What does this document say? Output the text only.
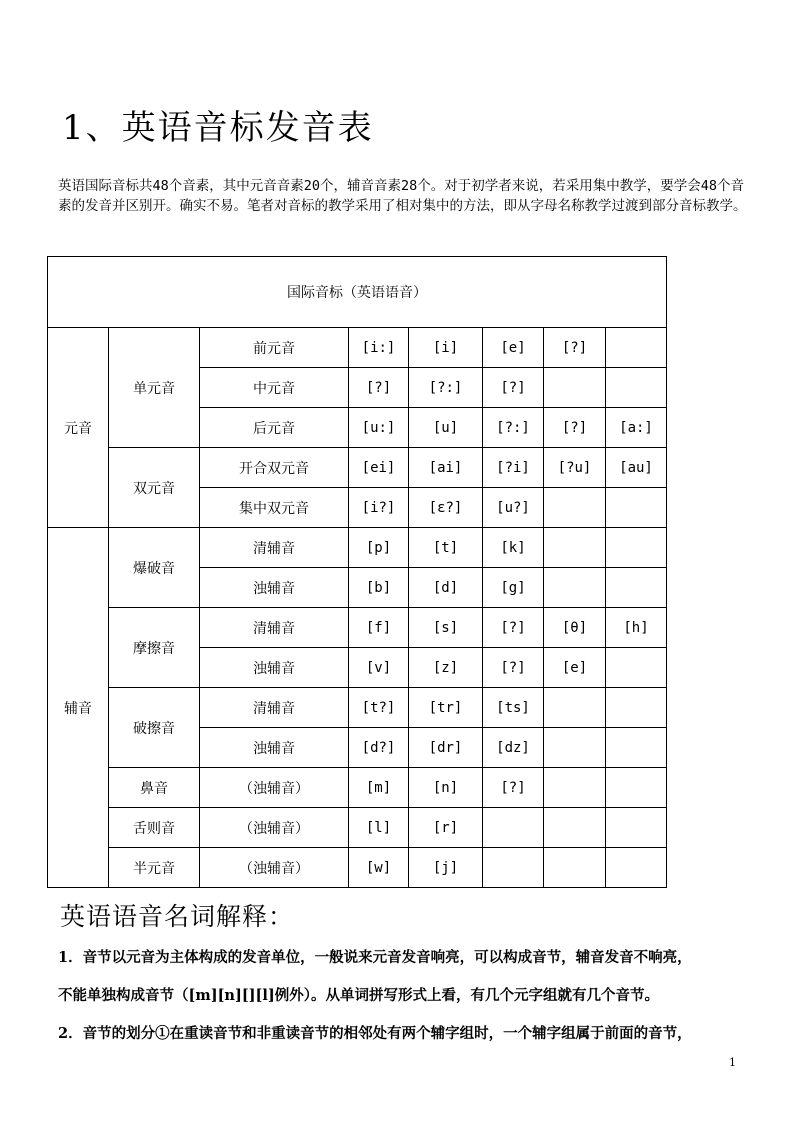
1、英语音标发音表

英语国际音标共48个音素，其中元音音素20个，辅音音素28个。对于初学者来说，若采用集中教学，要学会48个音素的发音并区别开。确实不易。笔者对音标的教学采用了相对集中的方法，即从字母名称教学过渡到部分音标教学。

国际音标（英语语音）							
元音	单元音	前元音	[i:]	[i]	[e]	[?]	
		中元音	[?]	[?:]	[?]		
		后元音	[u:]	[u]	[?:]	[?]	[a:]
	双元音	开合双元音	[ei]	[ai]	[?i]	[?u]	[au]
		集中双元音	[i?]	[ε?]	[u?]		
辅音	爆破音	清辅音	[p]	[t]	[k]		
		浊辅音	[b]	[d]	[g]		
	摩擦音	清辅音	[f]	[s]	[?]	[θ]	[h]
		浊辅音	[v]	[z]	[?]	[e]	
	破擦音	清辅音	[t?]	[tr]	[ts]		
		浊辅音	[d?]	[dr]	[dz]		
	鼻音	（浊辅音）	[m]	[n]	[?]		
	舌则音	（浊辅音）	[l]	[r]			
	半元音	（浊辅音）	[w]	[j]			
英语语音名词解释：

1．音节以元音为主体构成的发音单位，一般说来元音发音响亮，可以构成音节，辅音发音不响亮，

不能单独构成音节（[m][n][][l]例外）。从单词拼写形式上看，有几个元字组就有几个音节。

2．音节的划分①在重读音节和非重读音节的相邻处有两个辅字组时，一个辅字组属于前面的音节，

1
